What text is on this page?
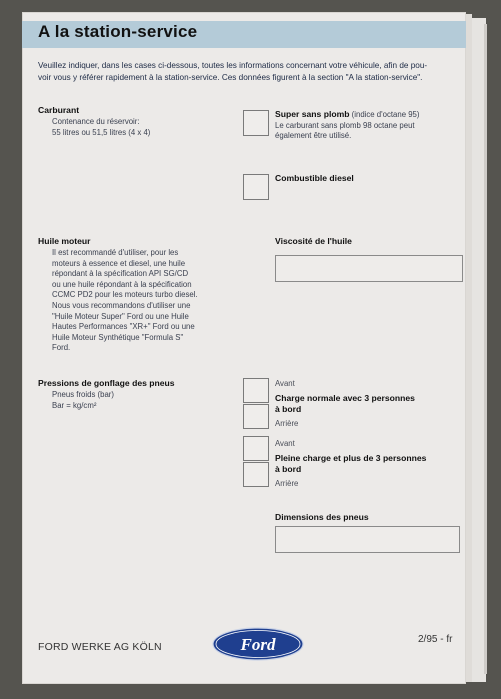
A la station-service
Veuillez indiquer, dans les cases ci-dessous, toutes les informations concernant votre véhicule, afin de pou-
voir vous y référer rapidement à la station-service. Ces données figurent à la section "A la station-service".
Carburant
Contenance du réservoir:
55 litres ou 51,5 litres (4 x 4)
Super sans plomb (indice d'octane 95)
Le carburant sans plomb 98 octane peut
également être utilisé.
Combustible diesel
Huile moteur
Il est recommandé d'utiliser, pour les
moteurs à essence et diesel, une huile
répondant à la spécification API SG/CD
ou une huile répondant à la spécification
CCMC PD2 pour les moteurs turbo diesel.
Nous vous recommandons d'utiliser une
"Huile Moteur Super" Ford ou une Huile
Hautes Performances "XR+" Ford ou une
Huile Moteur Synthétique "Formula S"
Ford.
Viscosité de l'huile
Pressions de gonflage des pneus
Pneus froids (bar)
Bar = kg/cm²
Avant
Charge normale avec 3 personnes
à bord
Arrière
Avant
Pleine charge et plus de 3 personnes
à bord
Arrière
Dimensions des pneus
FORD WERKE AG KÖLN	Ford	2/95 - fr
